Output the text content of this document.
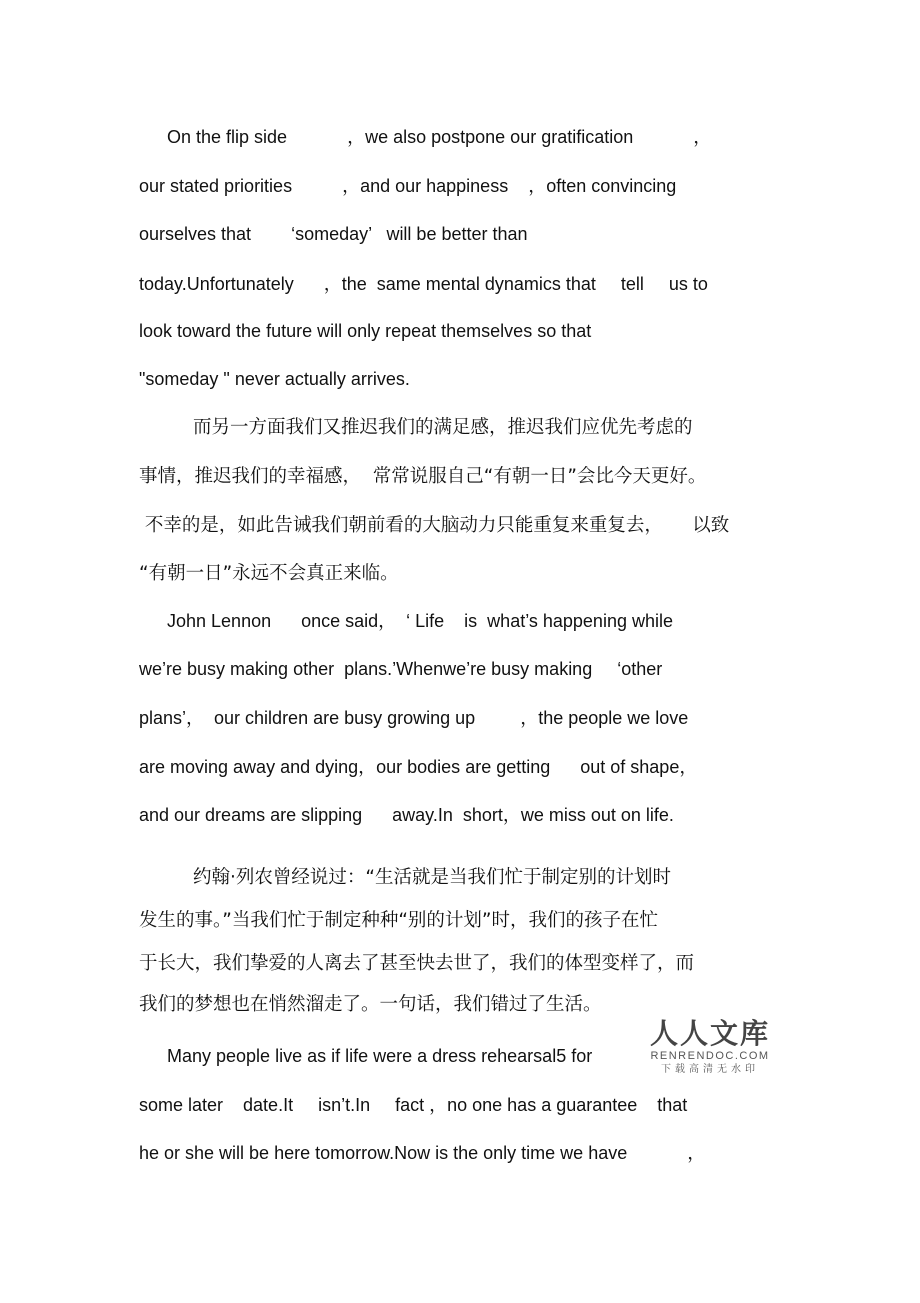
On the flip side            ，we also postpone our gratification            ，
our stated priorities          ，and our happiness    ，often convincing
ourselves that        ‘someday’   will be better than
today.Unfortunately      ，the  same mental dynamics that     tell     us to
look toward the future will only repeat themselves so that
"someday " never actually arrives.
而另一方面我们又推迟我们的满足感，推迟我们应优先考虑的
事情，推迟我们的幸福感，  常常说服自己“有朝一日”会比今天更好。
不幸的是，如此告诫我们朝前看的大脑动力只能重复来重复去，     以致
“有朝一日”永远不会真正来临。
John Lennon      once said，  ‘ Life    is  what’s happening while
we’re busy making other  plans.’Whenwe’re busy making     ‘other
plans’，  our children are busy growing up         ，the people we love
are moving away and dying，our bodies are getting      out of shape，
and our dreams are slipping      away.In  short，we miss out on life.
约翰·列农曾经说过：“生活就是当我们忙于制定别的计划时
发生的事。”当我们忙于制定种种“别的计划”时，我们的孩子在忙
于长大，我们挚爱的人离去了甚至快去世了，我们的体型变样了，而
我们的梦想也在悄然溜走了。一句话，我们错过了生活。
Many people live as if life were a dress rehearsal5 for
some later    date.It     isn’t.In     fact ，no one has a guarantee    that
he or she will be here tomorrow.Now is the only time we have            ，
人人文库
RENRENDOC.COM
下载高清无水印
